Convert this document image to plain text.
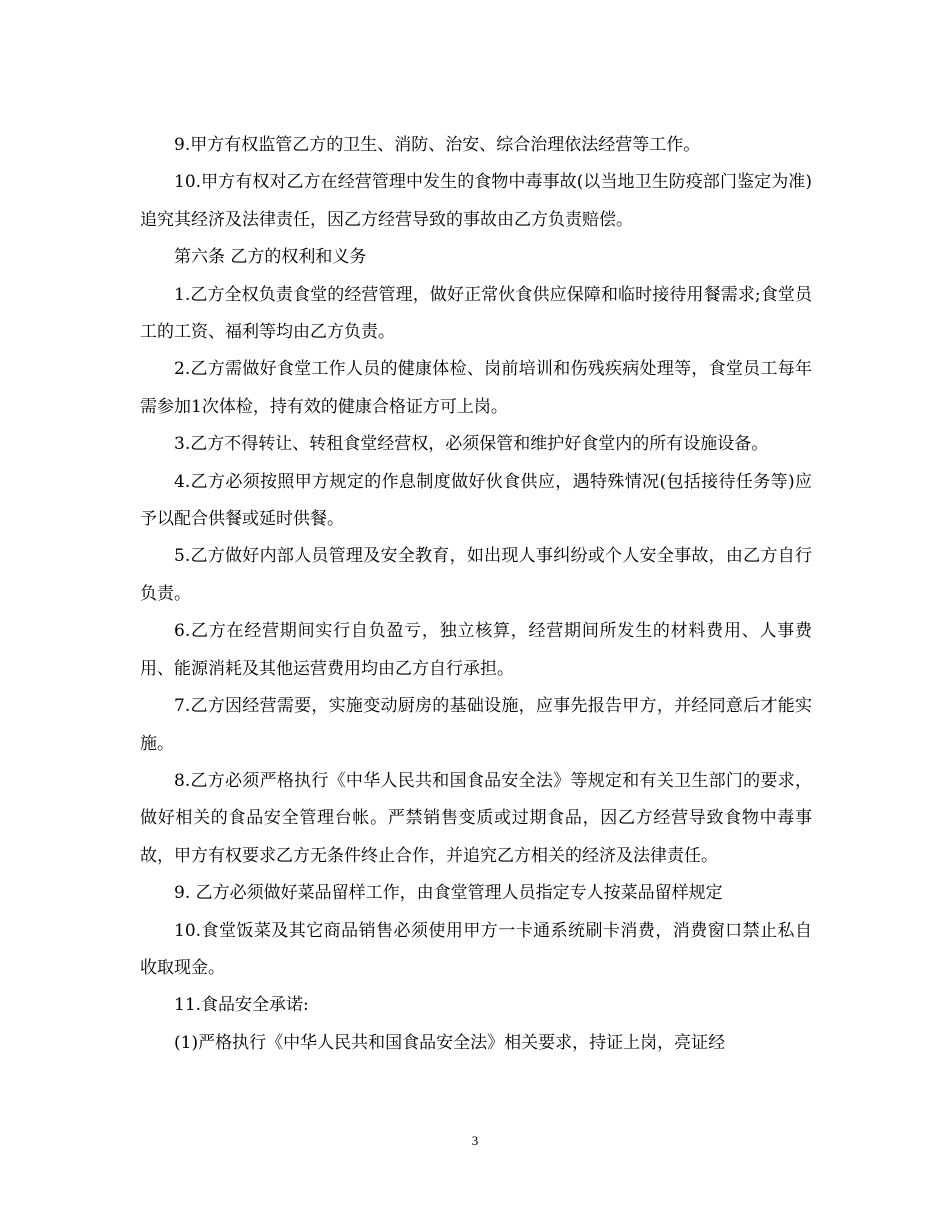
9.甲方有权监管乙方的卫生、消防、治安、综合治理依法经营等工作。

10.甲方有权对乙方在经营管理中发生的食物中毒事故(以当地卫生防疫部门鉴定为准)追究其经济及法律责任，因乙方经营导致的事故由乙方负责赔偿。

第六条 乙方的权利和义务

1.乙方全权负责食堂的经营管理，做好正常伙食供应保障和临时接待用餐需求;食堂员工的工资、福利等均由乙方负责。

2.乙方需做好食堂工作人员的健康体检、岗前培训和伤残疾病处理等，食堂员工每年需参加1次体检，持有效的健康合格证方可上岗。

3.乙方不得转让、转租食堂经营权，必须保管和维护好食堂内的所有设施设备。

4.乙方必须按照甲方规定的作息制度做好伙食供应，遇特殊情况(包括接待任务等)应予以配合供餐或延时供餐。

5.乙方做好内部人员管理及安全教育，如出现人事纠纷或个人安全事故，由乙方自行负责。

6.乙方在经营期间实行自负盈亏，独立核算，经营期间所发生的材料费用、人事费用、能源消耗及其他运营费用均由乙方自行承担。

7.乙方因经营需要，实施变动厨房的基础设施，应事先报告甲方，并经同意后才能实施。

8.乙方必须严格执行《中华人民共和国食品安全法》等规定和有关卫生部门的要求，做好相关的食品安全管理台帐。严禁销售变质或过期食品，因乙方经营导致食物中毒事故，甲方有权要求乙方无条件终止合作，并追究乙方相关的经济及法律责任。

9. 乙方必须做好菜品留样工作，由食堂管理人员指定专人按菜品留样规定

10.食堂饭菜及其它商品销售必须使用甲方一卡通系统刷卡消费，消费窗口禁止私自收取现金。

11.食品安全承诺:

(1)严格执行《中华人民共和国食品安全法》相关要求，持证上岗，亮证经

3
